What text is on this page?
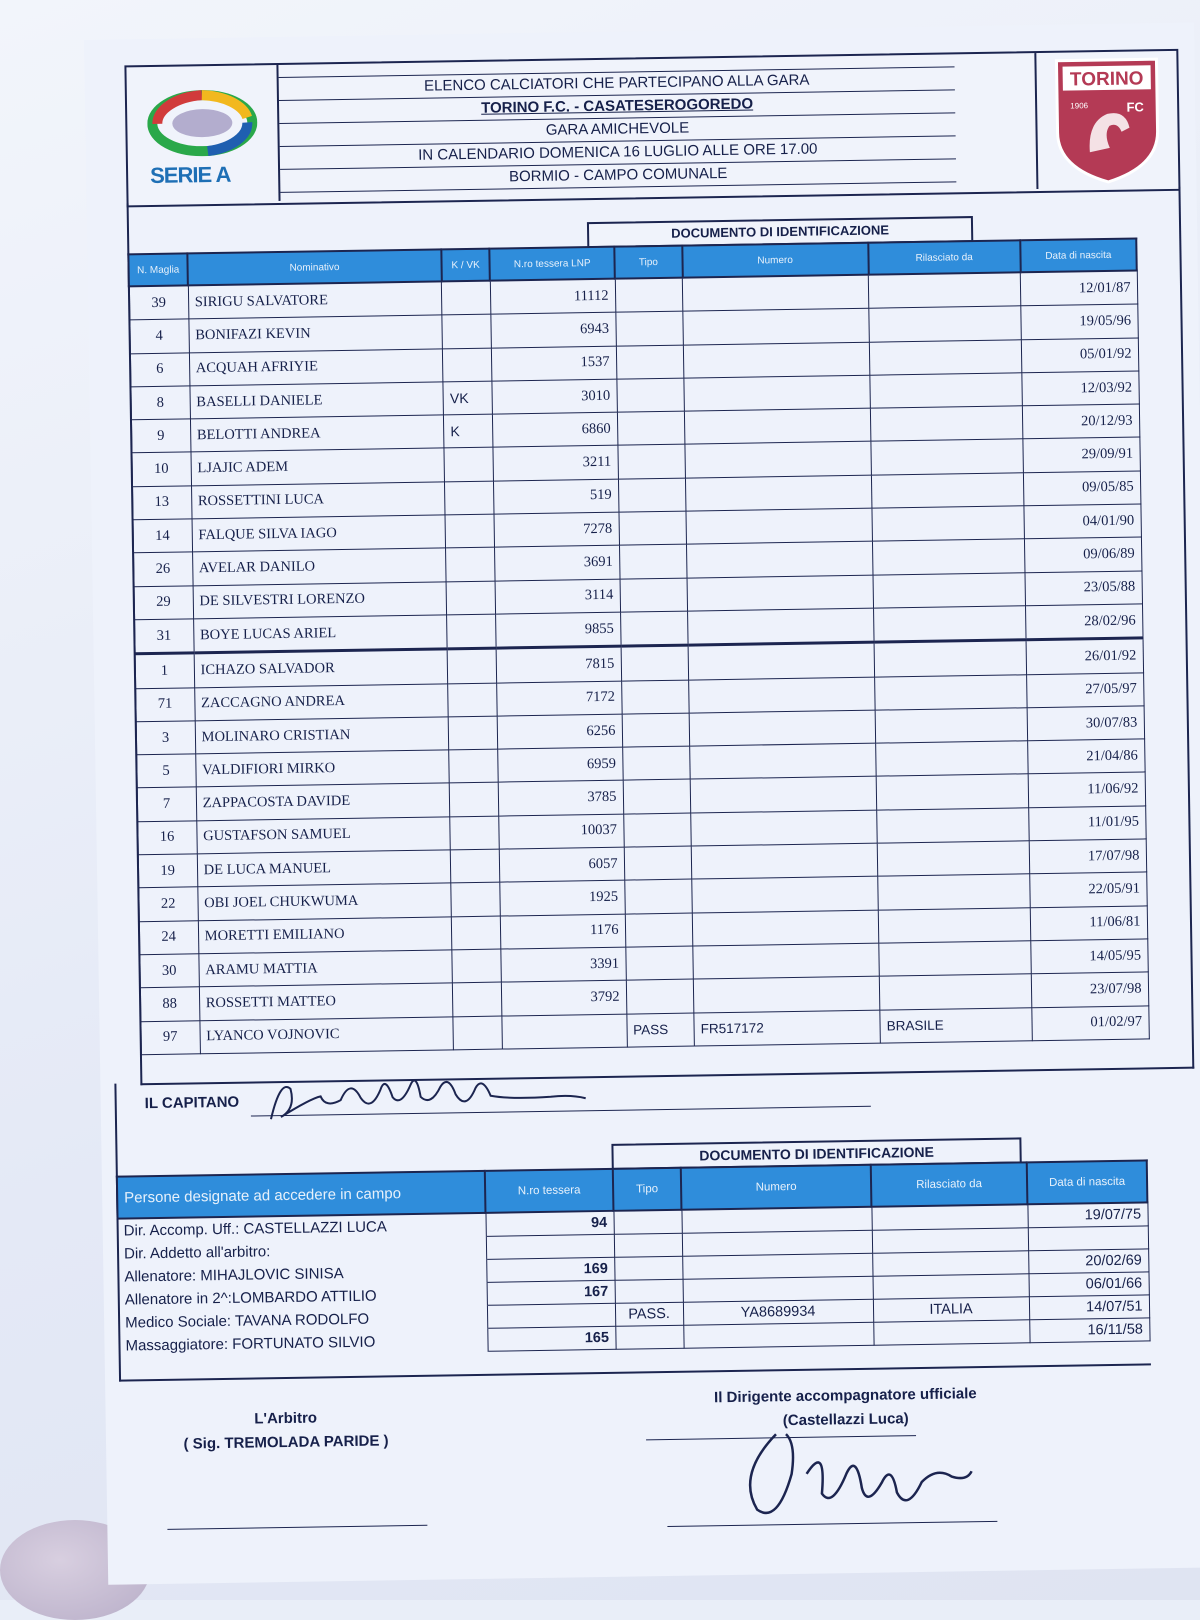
SERIE A
ELENCO CALCIATORI CHE PARTECIPANO ALLA GARA
TORINO F.C. - CASATESEROGOREDO
GARA AMICHEVOLE
IN CALENDARIO DOMENICA 16 LUGLIO ALLE ORE 17.00
BORMIO - CAMPO COMUNALE
TORINO
1906	FC
DOCUMENTO DI IDENTIFICAZIONE
N. Maglia	Nominativo	K / VK	N.ro tessera LNP	Tipo	Numero	Rilasciato da	Data di nascita
39	SIRIGU SALVATORE		11112				12/01/87
4	BONIFAZI KEVIN		6943				19/05/96
6	ACQUAH AFRIYIE		1537				05/01/92
8	BASELLI DANIELE	VK	3010				12/03/92
9	BELOTTI ANDREA	K	6860				20/12/93
10	LJAJIC ADEM		3211				29/09/91
13	ROSSETTINI LUCA		519				09/05/85
14	FALQUE SILVA IAGO		7278				04/01/90
26	AVELAR DANILO		3691				09/06/89
29	DE SILVESTRI LORENZO		3114				23/05/88
31	BOYE LUCAS ARIEL		9855				28/02/96
1	ICHAZO SALVADOR		7815				26/01/92
71	ZACCAGNO ANDREA		7172				27/05/97
3	MOLINARO CRISTIAN		6256				30/07/83
5	VALDIFIORI MIRKO		6959				21/04/86
7	ZAPPACOSTA DAVIDE		3785				11/06/92
16	GUSTAFSON SAMUEL		10037				11/01/95
19	DE LUCA MANUEL		6057				17/07/98
22	OBI JOEL CHUKWUMA		1925				22/05/91
24	MORETTI EMILIANO		1176				11/06/81
30	ARAMU MATTIA		3391				14/05/95
88	ROSSETTI MATTEO		3792				23/07/98
97	LYANCO VOJNOVIC			PASS	FR517172	BRASILE	01/02/97
IL CAPITANO
DOCUMENTO DI IDENTIFICAZIONE
Persone designate ad accedere in campo	N.ro tessera	Tipo	Numero	Rilasciato da	Data di nascita
Dir. Accomp. Uff.: CASTELLAZZI LUCA	94				19/07/75
Dir. Addetto all'arbitro:					
Allenatore: MIHAJLOVIC SINISA	169				20/02/69
Allenatore in 2^:LOMBARDO ATTILIO	167				06/01/66
Medico Sociale: TAVANA RODOLFO		PASS.	YA8689934	ITALIA	14/07/51
Massaggiatore: FORTUNATO SILVIO	165				16/11/58
L'Arbitro
( Sig. TREMOLADA PARIDE )
Il Dirigente accompagnatore ufficiale
(Castellazzi Luca)
